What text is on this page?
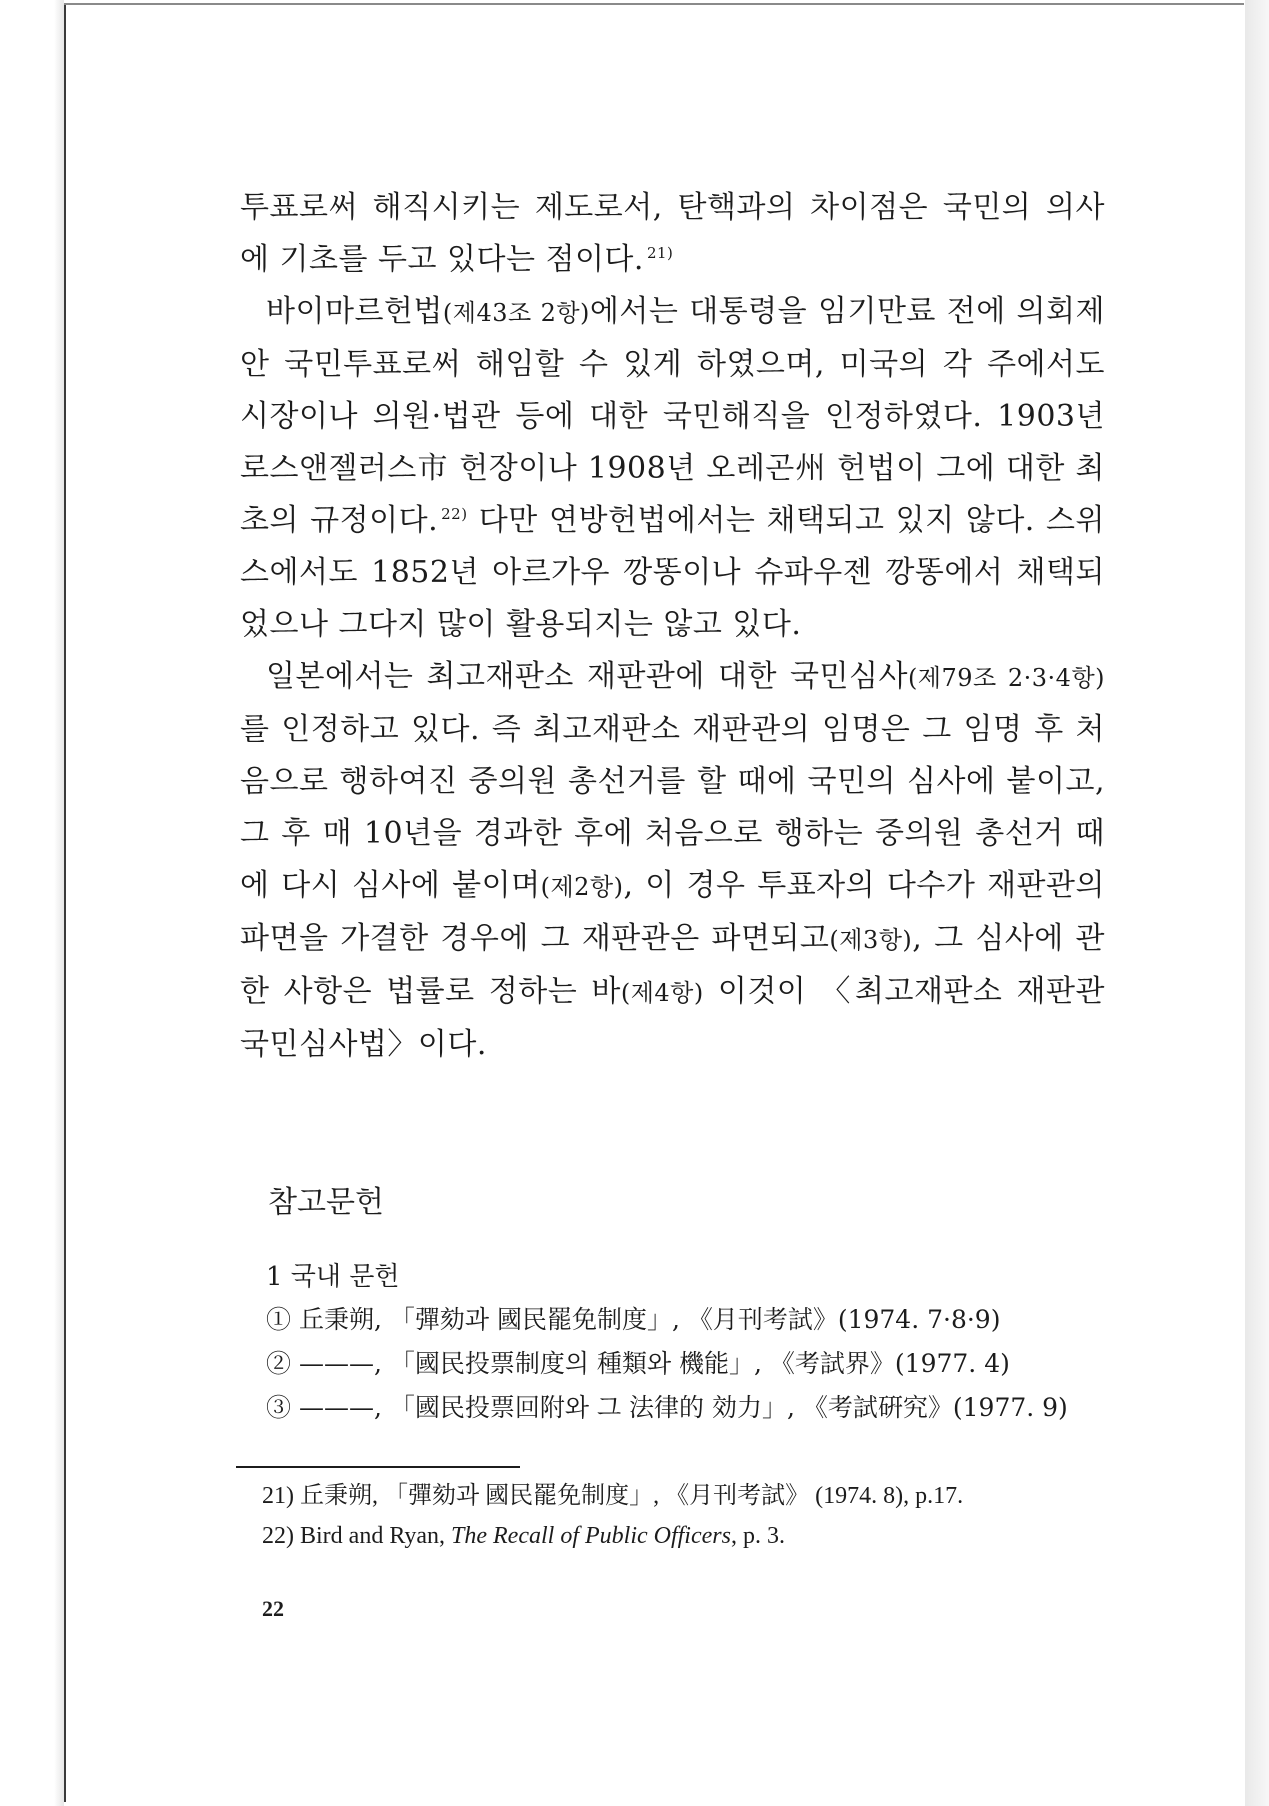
투표로써 해직시키는 제도로서, 탄핵과의 차이점은 국민의 의사에 기초를 두고 있다는 점이다. $^{21)}$

바이마르헌법(제43조 2항)에서는 대통령을 임기만료 전에 의회제안 국민투표로써 해임할 수 있게 하였으며, 미국의 각 주에서도 시장이나 의원·법관 등에 대한 국민해직을 인정하였다. 1903년 로스앤젤러스市 헌장이나 1908년 오레곤州 헌법이 그에 대한 최초의 규정이다. $^{22)}$ 다만 연방헌법에서는 채택되고 있지 않다. 스위스에서도 1852년 아르가우 깡똥이나 슈파우젠 깡똥에서 채택되었으나 그다지 많이 활용되지는 않고 있다.

일본에서는 최고재판소 재판관에 대한 국민심사(제79조 2·3·4항)를 인정하고 있다. 즉 최고재판소 재판관의 임명은 그 임명 후 처음으로 행하여진 중의원 총선거를 할 때에 국민의 심사에 붙이고, 그 후 매 10년을 경과한 후에 처음으로 행하는 중의원 총선거 때에 다시 심사에 붙이며(제2항), 이 경우 투표자의 다수가 재판관의 파면을 가결한 경우에 그 재판관은 파면되고(제3항), 그 심사에 관한 사항은 법률로 정하는 바(제4항) 이것이 〈최고재판소 재판관 국민심사법〉이다.

참고문헌
1 국내 문헌
① 丘秉朔, 「彈劾과 國民罷免制度」, 《月刊考試》(1974. 7·8·9)
② ———, 「國民投票制度의 種類와 機能」, 《考試界》(1977. 4)
③ ———, 「國民投票回附와 그 法律的 効力」, 《考試硏究》(1977. 9)
21) 丘秉朔, 「彈劾과 國民罷免制度」, 《月刊考試》 (1974. 8), p.17.
22) Bird and Ryan, The Recall of Public Officers, p. 3.
22
